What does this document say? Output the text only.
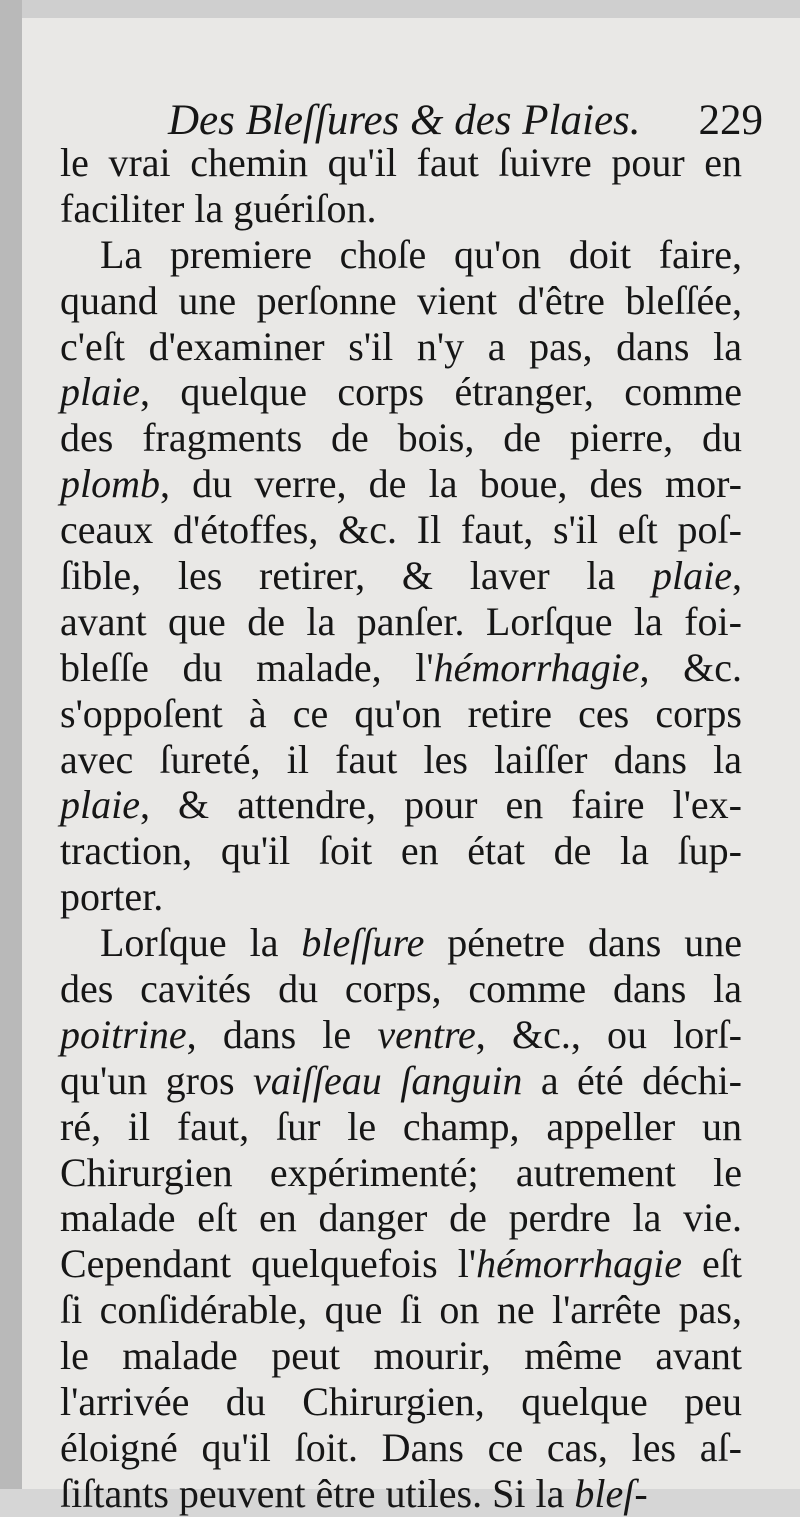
Des Bleſſures & des Plaies. 229
le vrai chemin qu'il faut ſuivre pour en
faciliter la guériſon.
La premiere choſe qu'on doit faire,
quand une perſonne vient d'être bleſſée,
c'eſt d'examiner s'il n'y a pas, dans la
plaie, quelque corps étranger, comme
des fragments de bois, de pierre, du
plomb, du verre, de la boue, des mor-
ceaux d'étoffes, &c. Il faut, s'il eſt poſ-
ſible, les retirer, & laver la plaie,
avant que de la panſer. Lorſque la foi-
bleſſe du malade, l'hémorrhagie, &c.
s'oppoſent à ce qu'on retire ces corps
avec ſureté, il faut les laiſſer dans la
plaie, & attendre, pour en faire l'ex-
traction, qu'il ſoit en état de la ſup-
porter.
Lorſque la bleſſure pénetre dans une
des cavités du corps, comme dans la
poitrine, dans le ventre, &c., ou lorſ-
qu'un gros vaiſſeau ſanguin a été déchi-
ré, il faut, ſur le champ, appeller un
Chirurgien expérimenté; autrement le
malade eſt en danger de perdre la vie.
Cependant quelquefois l'hémorrhagie eſt
ſi conſidérable, que ſi on ne l'arrête pas,
le malade peut mourir, même avant
l'arrivée du Chirurgien, quelque peu
éloigné qu'il ſoit. Dans ce cas, les aſ-
ſiſtants peuvent être utiles. Si la bleſ-
